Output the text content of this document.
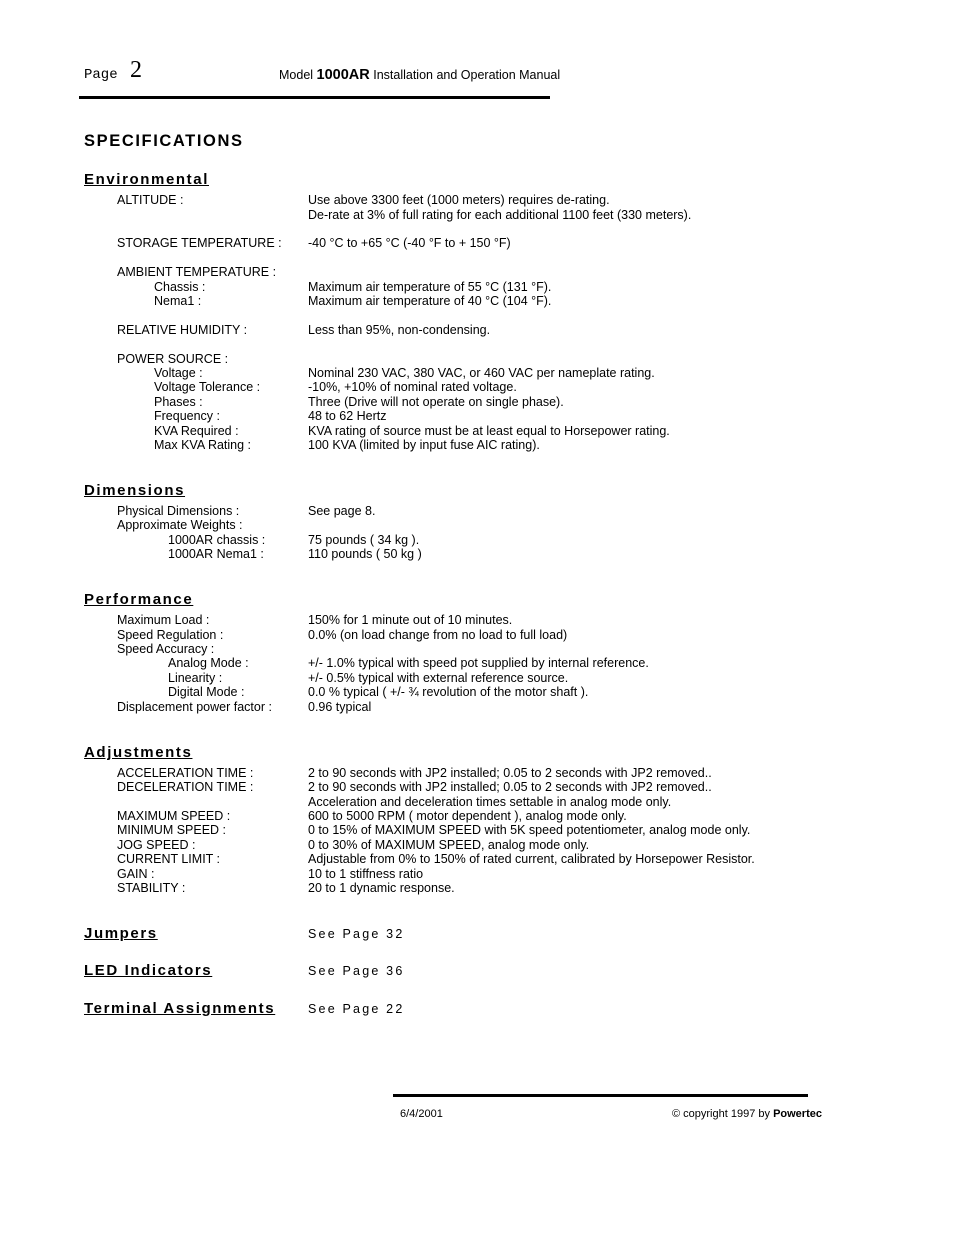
Page 2	Model 1000AR Installation and Operation Manual
SPECIFICATIONS
Environmental
ALTITUDE :	Use above 3300 feet (1000 meters) requires de-rating.
De-rate at 3% of full rating for each additional 1100 feet (330 meters).
STORAGE TEMPERATURE : -40 °C to +65 °C (-40 °F to + 150 °F)
AMBIENT TEMPERATURE :
Chassis :	Maximum air temperature of 55 °C (131 °F).
Nema1 :	Maximum air temperature of 40 °C (104 °F).
RELATIVE HUMIDITY :	Less than 95%, non-condensing.
POWER SOURCE :
Voltage :	Nominal 230 VAC, 380 VAC, or 460 VAC per nameplate rating.
Voltage Tolerance :	-10%, +10% of nominal rated voltage.
Phases :	Three (Drive will not operate on single phase).
Frequency :	48 to 62 Hertz
KVA Required :	KVA rating of source must be at least equal to Horsepower rating.
Max KVA Rating :	100 KVA (limited by input fuse AIC rating).
Dimensions
Physical Dimensions :	See page 8.
Approximate Weights :
1000AR chassis :	75 pounds ( 34 kg ).
1000AR Nema1 :	110 pounds ( 50 kg )
Performance
Maximum Load :	150% for 1 minute out of 10 minutes.
Speed Regulation :	0.0% (on load change from no load to full load)
Speed Accuracy :
Analog Mode :	+/- 1.0% typical with speed pot supplied by internal reference.
Linearity :	+/- 0.5% typical with external reference source.
Digital Mode :	0.0 % typical ( +/- ¾ revolution of the motor shaft ).
Displacement power factor :	0.96 typical
Adjustments
ACCELERATION TIME :	2 to 90 seconds with JP2 installed; 0.05 to 2 seconds with JP2 removed..
DECELERATION TIME :	2 to 90 seconds with JP2 installed; 0.05 to 2 seconds with JP2 removed..
Acceleration and deceleration times settable in analog mode only.
MAXIMUM SPEED :	600 to 5000 RPM ( motor dependent ), analog mode only.
MINIMUM SPEED :	0 to 15% of MAXIMUM SPEED with 5K speed potentiometer, analog mode only.
JOG SPEED :	0 to 30% of MAXIMUM SPEED, analog mode only.
CURRENT LIMIT :	Adjustable from 0% to 150% of rated current, calibrated by Horsepower Resistor.
GAIN :	10 to 1 stiffness ratio
STABILITY :	20 to 1 dynamic response.
Jumpers	See Page 32
LED Indicators	See Page 36
Terminal Assignments	See Page 22
6/4/2001	© copyright 1997 by Powertec
